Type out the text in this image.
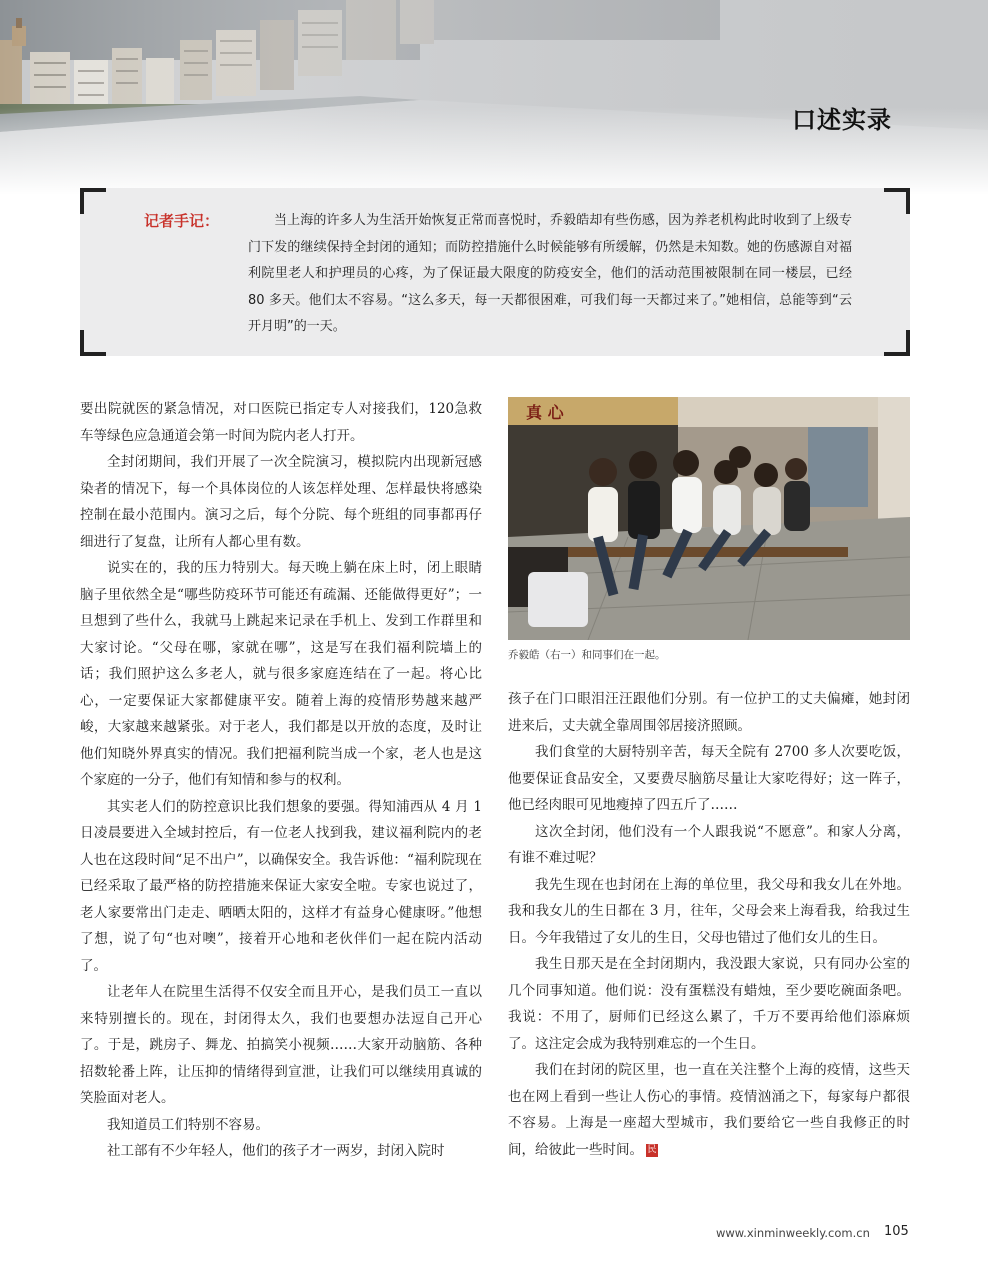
口述实录
记者手记：	当上海的许多人为生活开始恢复正常而喜悦时，乔毅皓却有些伤感，因为养老机构此时收到了上级专门下发的继续保持全封闭的通知；而防控措施什么时候能够有所缓解，仍然是未知数。她的伤感源自对福利院里老人和护理员的心疼，为了保证最大限度的防疫安全，他们的活动范围被限制在同一楼层，已经 80 多天。他们太不容易。“这么多天，每一天都很困难，可我们每一天都过来了。”她相信，总能等到“云开月明”的一天。

要出院就医的紧急情况，对口医院已指定专人对接我们，120急救车等绿色应急通道会第一时间为院内老人打开。

全封闭期间，我们开展了一次全院演习，模拟院内出现新冠感染者的情况下，每一个具体岗位的人该怎样处理、怎样最快将感染控制在最小范围内。演习之后，每个分院、每个班组的同事都再仔细进行了复盘，让所有人都心里有数。

说实在的，我的压力特别大。每天晚上躺在床上时，闭上眼睛脑子里依然全是“哪些防疫环节可能还有疏漏、还能做得更好”；一旦想到了些什么，我就马上跳起来记录在手机上、发到工作群里和大家讨论。“父母在哪，家就在哪”，这是写在我们福利院墙上的话；我们照护这么多老人，就与很多家庭连结在了一起。将心比心，一定要保证大家都健康平安。随着上海的疫情形势越来越严峻，大家越来越紧张。对于老人，我们都是以开放的态度，及时让他们知晓外界真实的情况。我们把福利院当成一个家，老人也是这个家庭的一分子，他们有知情和参与的权利。

其实老人们的防控意识比我们想象的要强。得知浦西从 4 月 1 日凌晨要进入全域封控后，有一位老人找到我，建议福利院内的老人也在这段时间“足不出户”，以确保安全。我告诉他：“福利院现在已经采取了最严格的防控措施来保证大家安全啦。专家也说过了，老人家要常出门走走、晒晒太阳的，这样才有益身心健康呀。”他想了想，说了句“也对噢”，接着开心地和老伙伴们一起在院内活动了。

让老年人在院里生活得不仅安全而且开心，是我们员工一直以来特别擅长的。现在，封闭得太久，我们也要想办法逗自己开心了。于是，跳房子、舞龙、拍搞笑小视频……大家开动脑筋、各种招数轮番上阵，让压抑的情绪得到宣泄，让我们可以继续用真诚的笑脸面对老人。

我知道员工们特别不容易。

社工部有不少年轻人，他们的孩子才一两岁，封闭入院时

真 心
乔毅皓（右一）和同事们在一起。

孩子在门口眼泪汪汪跟他们分别。有一位护工的丈夫偏瘫，她封闭进来后，丈夫就全靠周围邻居接济照顾。

我们食堂的大厨特别辛苦，每天全院有 2700 多人次要吃饭，他要保证食品安全，又要费尽脑筋尽量让大家吃得好；这一阵子，他已经肉眼可见地瘦掉了四五斤了……

这次全封闭，他们没有一个人跟我说“不愿意”。和家人分离，有谁不难过呢？

我先生现在也封闭在上海的单位里，我父母和我女儿在外地。我和我女儿的生日都在 3 月，往年，父母会来上海看我，给我过生日。今年我错过了女儿的生日，父母也错过了他们女儿的生日。

我生日那天是在全封闭期内，我没跟大家说，只有同办公室的几个同事知道。他们说：没有蛋糕没有蜡烛，至少要吃碗面条吧。我说：不用了，厨师们已经这么累了，千万不要再给他们添麻烦了。这注定会成为我特别难忘的一个生日。

我们在封闭的院区里，也一直在关注整个上海的疫情，这些天也在网上看到一些让人伤心的事情。疫情汹涌之下，每家每户都很不容易。上海是一座超大型城市，我们要给它一些自我修正的时间，给彼此一些时间。 民

www.xinminweekly.com.cn 105
